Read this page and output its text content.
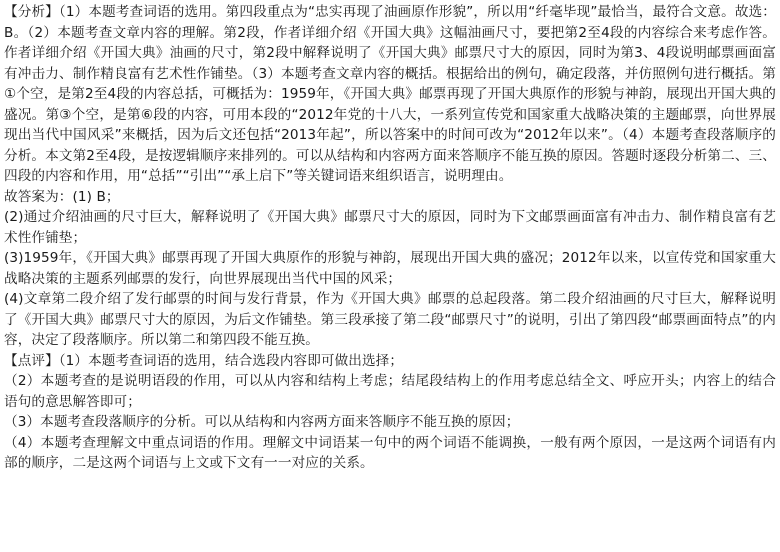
【分析】（1）本题考查词语的选用。第四段重点为“忠实再现了油画原作形貌”，所以用“纤毫毕现”最恰当，最符合文意。故选：B。（2）本题考查文章内容的理解。第2段，作者详细介绍《开国大典》这幅油画尺寸，要把第2至4段的内容综合来考虑作答。作者详细介绍《开国大典》油画的尺寸，第2段中解释说明了《开国大典》邮票尺寸大的原因，同时为第3、4段说明邮票画面富有冲击力、制作精良富有艺术性作铺垫。（3）本题考查文章内容的概括。根据给出的例句，确定段落，并仿照例句进行概括。第①个空，是第2至4段的内容总括，可概括为：1959年，《开国大典》邮票再现了开国大典原作的形貌与神韵，展现出开国大典的盛况。第③个空，是第⑥段的内容，可用本段的“2012年党的十八大，一系列宣传党和国家重大战略决策的主题邮票，向世界展现出当代中国风采”来概括，因为后文还包括“2013年起”，所以答案中的时间可改为“2012年以来”。（4）本题考查段落顺序的分析。本文第2至4段，是按逻辑顺序来排列的。可以从结构和内容两方面来答顺序不能互换的原因。答题时逐段分析第二、三、四段的内容和作用，用“总括”“引出”“承上启下”等关键词语来组织语言，说明理由。

故答案为：(1) B；

(2)通过介绍油画的尺寸巨大，解释说明了《开国大典》邮票尺寸大的原因，同时为下文邮票画面富有冲击力、制作精良富有艺术性作铺垫；

(3)1959年，《开国大典》邮票再现了开国大典原作的形貌与神韵，展现出开国大典的盛况；2012年以来，以宣传党和国家重大战略决策的主题系列邮票的发行，向世界展现出当代中国的风采；

(4)文章第二段介绍了发行邮票的时间与发行背景，作为《开国大典》邮票的总起段落。第二段介绍油画的尺寸巨大，解释说明了《开国大典》邮票尺寸大的原因，为后文作铺垫。第三段承接了第二段“邮票尺寸”的说明，引出了第四段“邮票画面特点”的内容，决定了段落顺序。所以第二和第四段不能互换。

【点评】（1）本题考查词语的选用，结合选段内容即可做出选择；

（2）本题考查的是说明语段的作用，可以从内容和结构上考虑；结尾段结构上的作用考虑总结全文、呼应开头；内容上的结合语句的意思解答即可；

（3）本题考查段落顺序的分析。可以从结构和内容两方面来答顺序不能互换的原因；

（4）本题考查理解文中重点词语的作用。理解文中词语某一句中的两个词语不能调换，一般有两个原因，一是这两个词语有内部的顺序，二是这两个词语与上文或下文有一一对应的关系。
